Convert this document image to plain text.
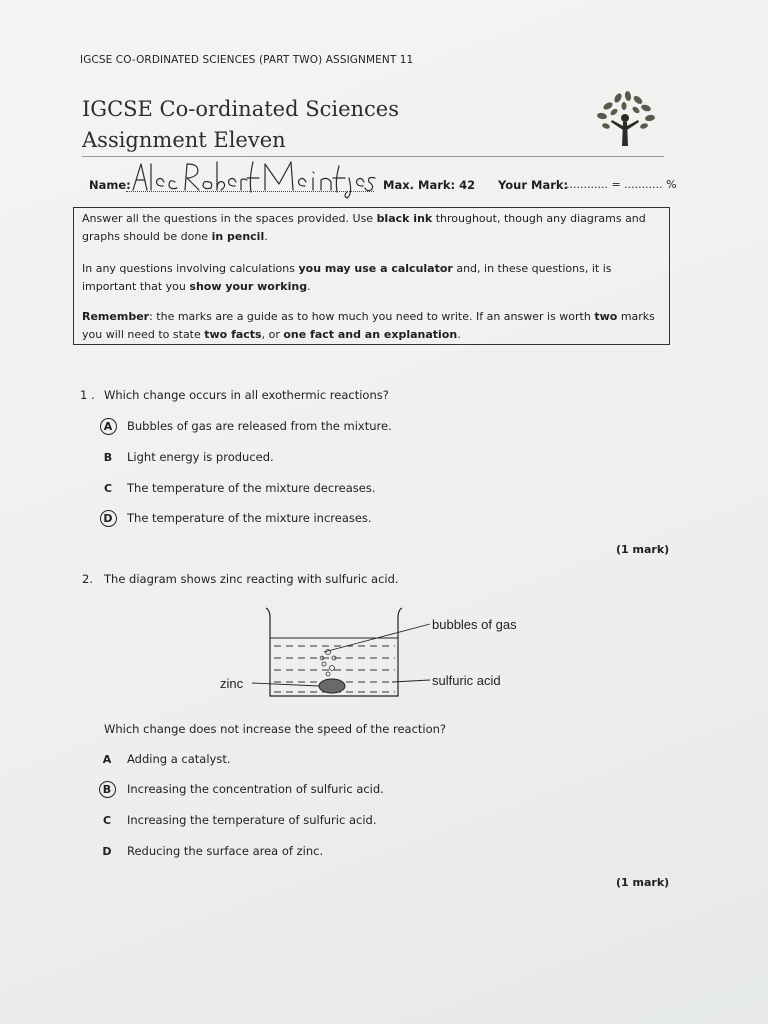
IGCSE CO-ORDINATED SCIENCES (PART TWO) ASSIGNMENT 11
IGCSE Co-ordinated Sciences
Assignment Eleven
Name:	Max. Mark: 42 Your Mark:
............ = ........... %
Answer all the questions in the spaces provided. Use black ink throughout, though any diagrams and graphs should be done in pencil.
In any questions involving calculations you may use a calculator and, in these questions, it is important that you show your working.
Remember: the marks are a guide as to how much you need to write. If an answer is worth two marks you will need to state two facts, or one fact and an explanation.
1 . Which change occurs in all exothermic reactions?
A	Bubbles of gas are released from the mixture.
B	Light energy is produced.
C	The temperature of the mixture decreases.
D The temperature of the mixture increases.
(1 mark)
2. The diagram shows zinc reacting with sulfuric acid.
bubbles of gas
sulfuric acid
zinc
Which change does not increase the speed of the reaction?
A	Adding a catalyst.
B	Increasing the concentration of sulfuric acid.
C	Increasing the temperature of sulfuric acid.
D Reducing the surface area of zinc.
(1 mark)
